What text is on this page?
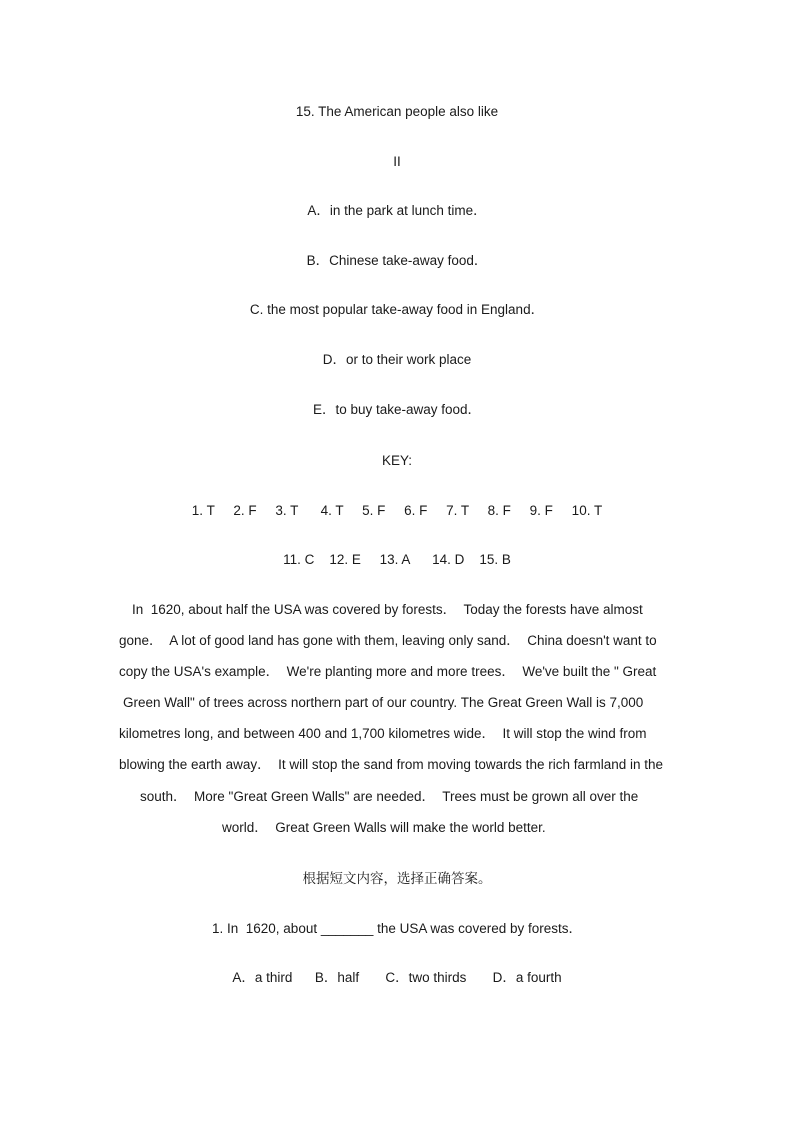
15. The American people also like
II
A．in the park at lunch time．
B．Chinese take-away food．
C. the most popular take-away food in England．
D．or to their work place
E．to buy take-away food．
KEY:
1. T     2. F     3. T      4. T     5. F     6. F     7. T     8. F     9. F     10. T
11. C    12. E     13. A      14. D    15. B
In  1620, about half the USA was covered by forests．  Today the forests have almost
gone．  A lot of good land has gone with them, leaving only sand．  China doesn't want to
copy the USA's example．  We're planting more and more trees．  We've built the " Great
Green Wall" of trees across northern part of our country. The Great Green Wall is 7,000
kilometres long, and between 400 and 1,700 kilometres wide．  It will stop the wind from
blowing the earth away．  It will stop the sand from moving towards the rich farmland in the
south．  More "Great Green Walls" are needed．  Trees must be grown all over the
world．  Great Green Walls will make the world better.
根据短文内容，选择正确答案。
1. In  1620, about _______ the USA was covered by forests．
A．a third      B．half       C．two thirds       D．a fourth
